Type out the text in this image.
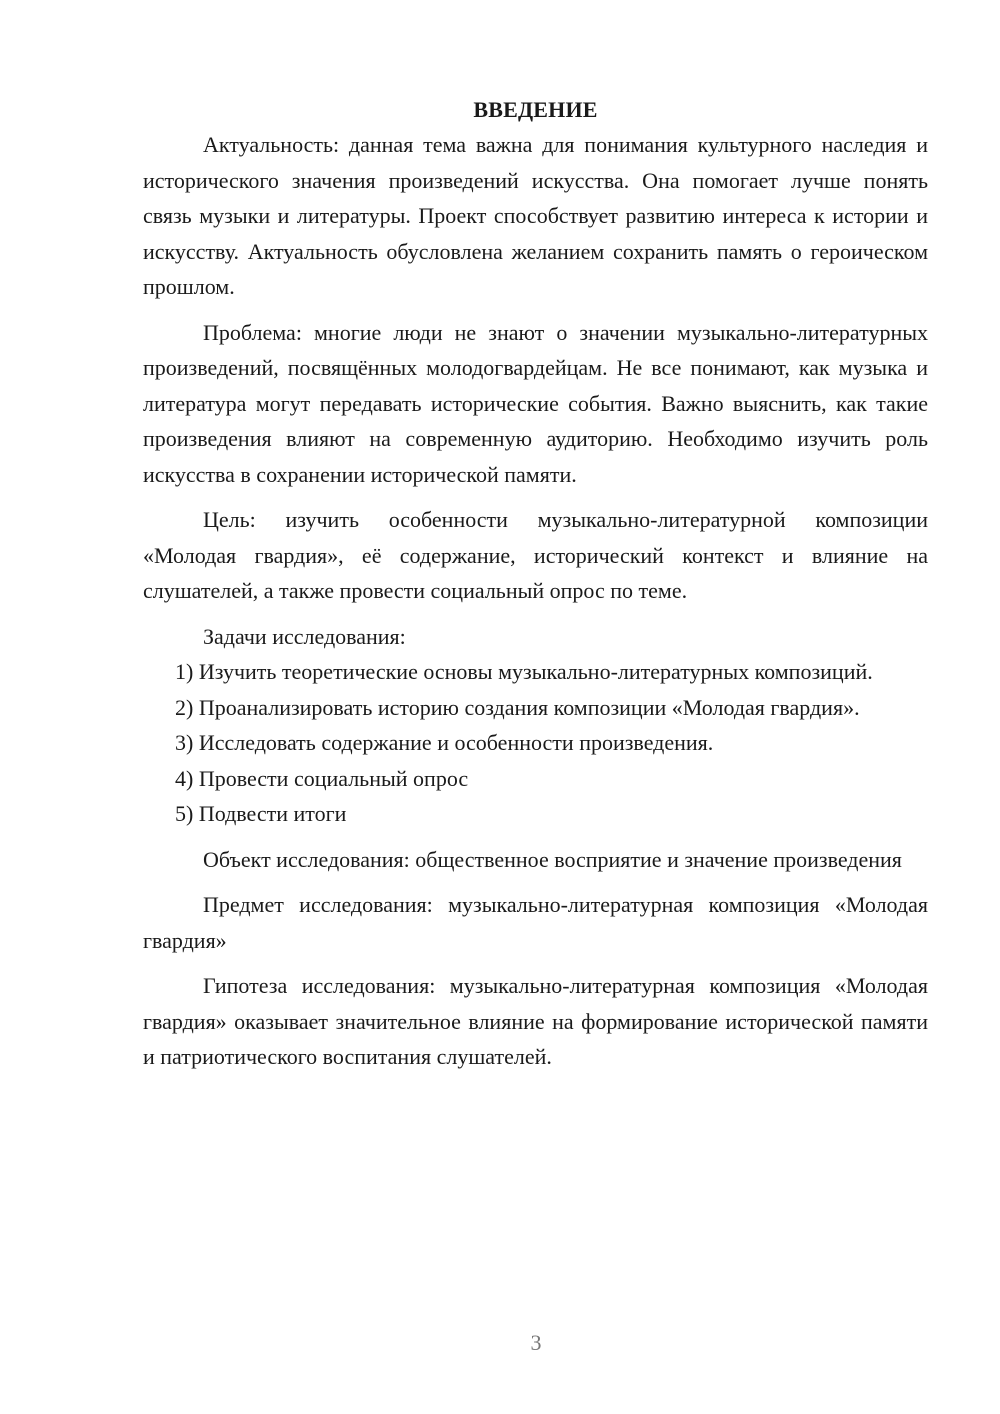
ВВЕДЕНИЕ

Актуальность: данная тема важна для понимания культурного наследия и исторического значения произведений искусства. Она помогает лучше понять связь музыки и литературы. Проект способствует развитию интереса к истории и искусству. Актуальность обусловлена желанием сохранить память о героическом прошлом.

Проблема: многие люди не знают о значении музыкально-литературных произведений, посвящённых молодогвардейцам. Не все понимают, как музыка и литература могут передавать исторические события. Важно выяснить, как такие произведения влияют на современную аудиторию. Необходимо изучить роль искусства в сохранении исторической памяти.

Цель: изучить особенности музыкально-литературной композиции «Молодая гвардия», её содержание, исторический контекст и влияние на слушателей, а также провести социальный опрос по теме.

Задачи исследования:

1) Изучить теоретические основы музыкально-литературных композиций.

2) Проанализировать историю создания композиции «Молодая гвардия».

3) Исследовать содержание и особенности произведения.

4) Провести социальный опрос

5) Подвести итоги

Объект исследования: общественное восприятие и значение произведения

Предмет исследования: музыкально-литературная композиция «Молодая гвардия»

Гипотеза исследования: музыкально-литературная композиция «Молодая гвардия» оказывает значительное влияние на формирование исторической памяти и патриотического воспитания слушателей.

3
